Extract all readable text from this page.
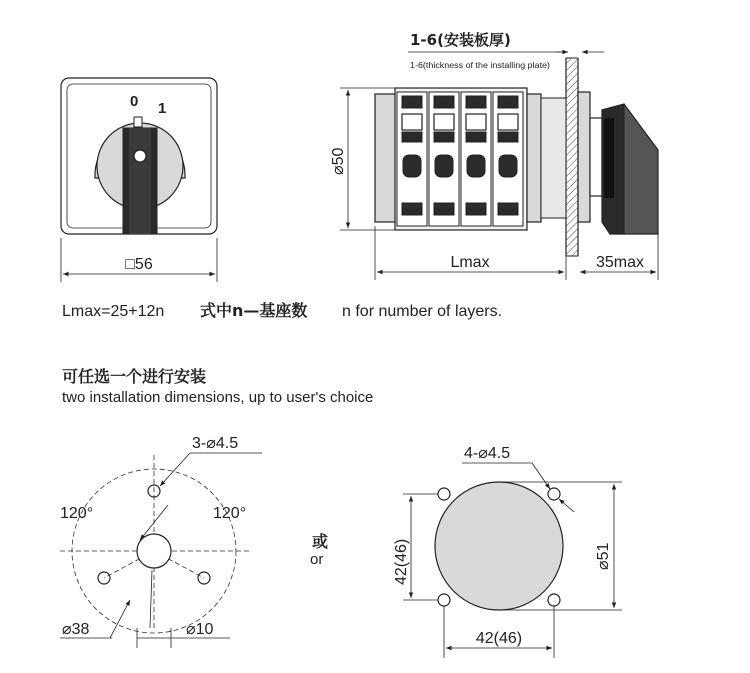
0 1
□56
1-6(安装板厚)
1-6(thickness of the installing plate)
⌀50
Lmax	35max
Lmax=25+12n 式中n—基座数 n for number of layers.
可任选一个进行安装
two installation dimensions, up to user's choice
3-⌀4.5
120°	120°
⌀38	⌀10
或
or
4-⌀4.5
42(46)	⌀51
42(46)
